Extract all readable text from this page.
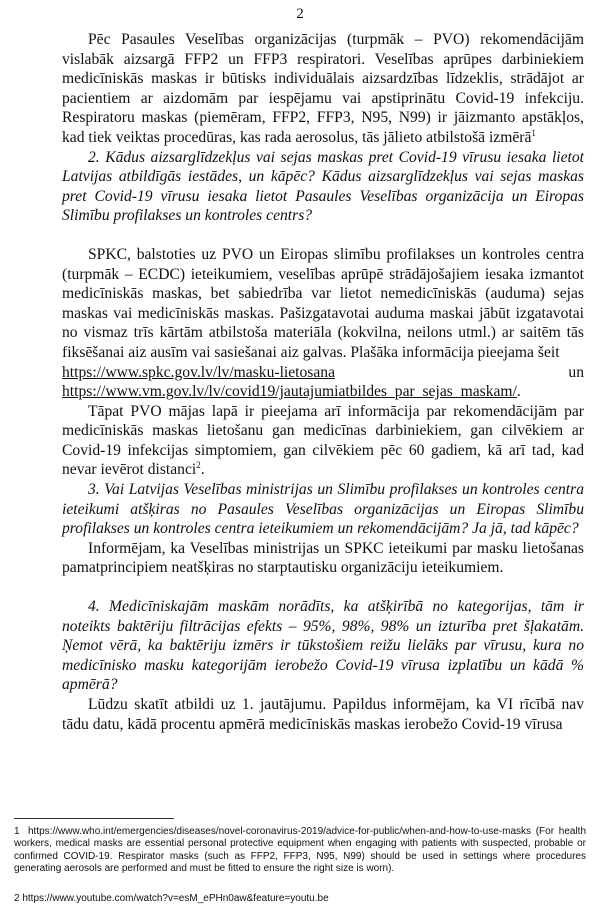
2

Pēc Pasaules Veselības organizācijas (turpmāk – PVO) rekomendācijām vislabāk aizsargā FFP2 un FFP3 respiratori. Veselības aprūpes darbiniekiem medicīniskās maskas ir būtisks individuālais aizsardzības līdzeklis, strādājot ar pacientiem ar aizdomām par iespējamu vai apstiprinātu Covid-19 infekciju. Respiratoru maskas (piemēram, FFP2, FFP3, N95, N99) ir jāizmanto apstākļos, kad tiek veiktas procedūras, kas rada aerosolus, tās jālieto atbilstošā izmērā$^1$

2. Kādus aizsarglīdzekļus vai sejas maskas pret Covid-19 vīrusu iesaka lietot Latvijas atbildīgās iestādes, un kāpēc? Kādus aizsarglīdzekļus vai sejas maskas pret Covid-19 vīrusu iesaka lietot Pasaules Veselības organizācija un Eiropas Slimību profilakses un kontroles centrs?

SPKC, balstoties uz PVO un Eiropas slimību profilakses un kontroles centra (turpmāk – ECDC) ieteikumiem, veselības aprūpē strādājošajiem iesaka izmantot medicīniskās maskas, bet sabiedrība var lietot nemedicīniskās (auduma) sejas maskas vai medicīniskās maskas. Pašizgatavotai auduma maskai jābūt izgatavotai no vismaz trīs kārtām atbilstoša materiāla (kokvilna, neilons utml.) ar saitēm tās fiksēšanai aiz ausīm vai sasiešanai aiz galvas. Plašāka informācija pieejama šeit

https://www.spkc.gov.lv/lv/masku-lietosana	un

https://www.vm.gov.lv/lv/covid19/jautajumiatbildes_par_sejas_maskam/.

Tāpat PVO mājas lapā ir pieejama arī informācija par rekomendācijām par medicīniskās maskas lietošanu gan medicīnas darbiniekiem, gan cilvēkiem ar Covid-19 infekcijas simptomiem, gan cilvēkiem pēc 60 gadiem, kā arī tad, kad nevar ievērot distanci$^2$.

3. Vai Latvijas Veselības ministrijas un Slimību profilakses un kontroles centra ieteikumi atšķiras no Pasaules Veselības organizācijas un Eiropas Slimību profilakses un kontroles centra ieteikumiem un rekomendācijām? Ja jā, tad kāpēc?

Informējam, ka Veselības ministrijas un SPKC ieteikumi par masku lietošanas pamatprincipiem neatšķiras no starptautisku organizāciju ieteikumiem.

4. Medicīniskajām maskām norādīts, ka atšķirībā no kategorijas, tām ir noteikts baktēriju filtrācijas efekts – 95%, 98%, 98% un izturība pret šļakatām. Ņemot vērā, ka baktēriju izmērs ir tūkstošiem reižu lielāks par vīrusu, kura no medicīnisko masku kategorijām ierobežo Covid-19 vīrusa izplatību un kādā % apmērā?

Lūdzu skatīt atbildi uz 1. jautājumu. Papildus informējam, ka VI rīcībā nav tādu datu, kādā procentu apmērā medicīniskās maskas ierobežo Covid-19 vīrusa

1 https://www.who.int/emergencies/diseases/novel-coronavirus-2019/advice-for-public/when-and-how-to-use-masks (For health workers, medical masks are essential personal protective equipment when engaging with patients with suspected, probable or confirmed COVID-19. Respirator masks (such as FFP2, FFP3, N95, N99) should be used in settings where procedures generating aerosols are performed and must be fitted to ensure the right size is worn).
2 https://www.youtube.com/watch?v=esM_ePHn0aw&feature=youtu.be
